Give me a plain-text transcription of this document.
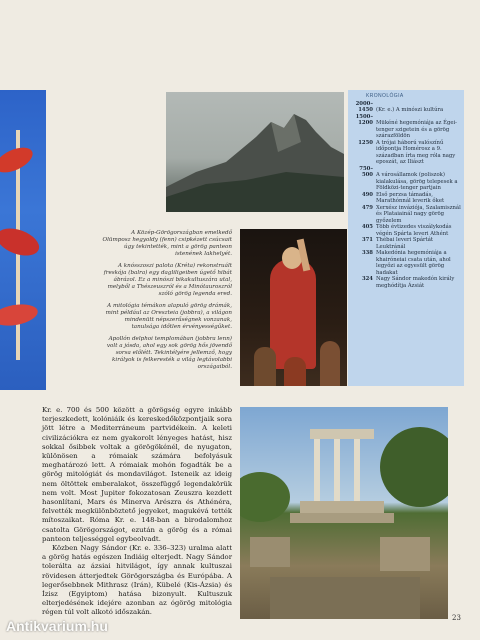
KRONOLÓGIA
2000–
1450 (Kr. e.) A minószi kultúra
1500–
1200 Mükéné hegemóniája az Égei-tenger szigetein és a görög szárazföldön
1250 A trójai háború valószínű időpontja Homérosz a 9. században írta meg róla nagy eposzát, az Iliászt
750–
500 A városállamok (poliszok) kialakulása, görög telepesek a Földközi-tenger partjain
490 Első perzsa támadás, Marathónnál leverik őket
479 Xerxész inváziója, Szalamisznál és Plataiainál nagy görög győzelem
405 Több évtizedes viszálykodás végén Spárta leveri Athént
371 Thébai leveri Spártát Leuktránál
338 Makedónia hegemóniája a khairóneiai csata után, ahol legyőzi az egyesült görög hadakat
324 Nagy Sándor makedón király meghódítja Ázsiát

A Közép-Görögországban emelkedő Olümposz hegyoldy (fenn) csipkézett csúcsait úgy tekintették, mint a görög panteon istenének lakhelyét.

A knósszoszi palota (Kréta) rekonstruált freskója (balra) egy dagliligeiben úgető hibát ábrázol. Ez a minószi bikakultuszára utal, melyből a Thészeuszról és a Minótauroszról szóló görög legenda ered.

A mitológia témákon alapuló görög drámák, mint például az Oreszteia (jobbra), a világon mindenütt népszerűségnek vonzanak, tanulsága időtlen érvényességűket.

Apollón delphoi templomában (jobbra lenn) volt a jósda, ahol egy sok görög hős jövendő sorsa előlétt. Tekintélyére jellemző, hogy királyok is felkeresték a világ legtávolabbi országaiból.

Kr. e. 700 és 500 között a görögség egyre inkább terjeszkedett, kolóniáik és kereskedőközpontjaik sora jött létre a Mediterráneum partvidékein. A keleti civilizációkra ez nem gyakorolt lényeges hatást, hisz sokkal ősibbek voltak a görögökénél, de nyugaton, különösen a rómaiak számára befolyásuk meghatározó lett. A rómaiak mohón fogadták be a görög mitológiát és mondavilágot. Isteneik az ideig nem öltöttek emberalakot, összefüggő legendakörük nem volt. Most Jupiter fokozatosan Zeuszra kezdett hasonlítani, Mars és Minerva Arészra és Athénéra, felvették megkülönböztető jegyeket, magukévá tették mítoszaikat. Róma Kr. e. 148-ban a birodalomhoz csatolta Görögországot, ezután a görög és a római panteon teljességgel egybeolvadt.

Közben Nagy Sándor (Kr. e. 336–323) uralma alatt a görög hatás egészen Indiáig elterjedt. Nagy Sándor tolerálta az ázsiai hitvilágot, így annak kultuszai rövidesen átterjedtek Görögországba és Európába. A legerősebbnek Mithrasz (Irán), Kübelé (Kis-Ázsia) és Ízisz (Egyiptom) hatása bizonyult. Kultuszuk elterjedésének idejére azonban az ógörög mitológia régen túl volt alkotó időszakán.

23
Antikvarium.hu
